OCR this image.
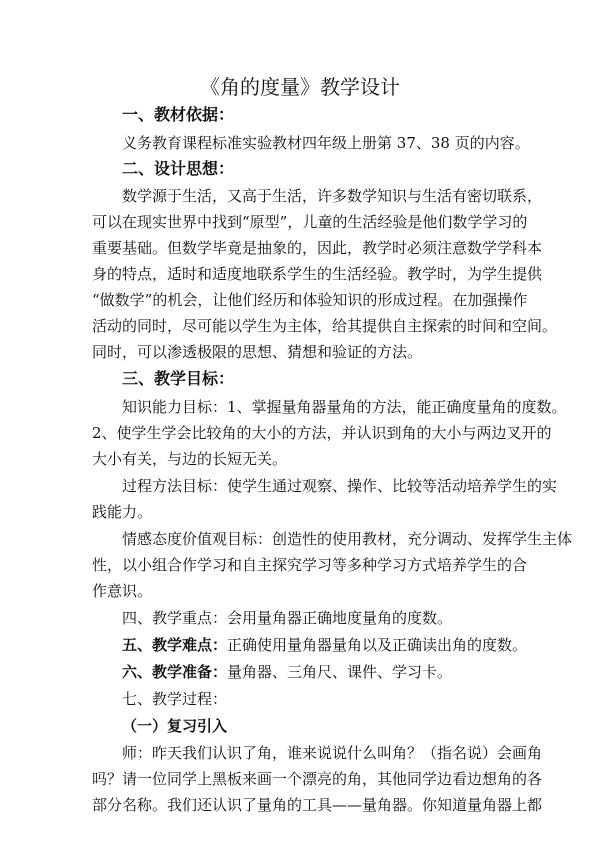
《角的度量》教学设计
一、教材依据：
义务教育课程标准实验教材四年级上册第 37、38 页的内容。
二、设计思想：
数学源于生活，又高于生活，许多数学知识与生活有密切联系，
可以在现实世界中找到“原型”，儿童的生活经验是他们数学学习的
重要基础。但数学毕竟是抽象的，因此，教学时必须注意数学学科本
身的特点，适时和适度地联系学生的生活经验。教学时，为学生提供
“做数学”的机会，让他们经历和体验知识的形成过程。在加强操作
活动的同时，尽可能以学生为主体，给其提供自主探索的时间和空间。
同时，可以渗透极限的思想、猜想和验证的方法。
三、教学目标：
知识能力目标：1、掌握量角器量角的方法，能正确度量角的度数。
2、使学生学会比较角的大小的方法，并认识到角的大小与两边叉开的
大小有关，与边的长短无关。
过程方法目标：使学生通过观察、操作、比较等活动培养学生的实
践能力。
情感态度价值观目标：创造性的使用教材，充分调动、发挥学生主体
性，以小组合作学习和自主探究学习等多种学习方式培养学生的合
作意识。
四、教学重点：会用量角器正确地度量角的度数。
五、教学难点：正确使用量角器量角以及正确读出角的度数。
六、教学准备：量角器、三角尺、课件、学习卡。
七、教学过程：
（一）复习引入
师：昨天我们认识了角，谁来说说什么叫角？（指名说）会画角
吗？请一位同学上黑板来画一个漂亮的角，其他同学边看边想角的各
部分名称。我们还认识了量角的工具——量角器。你知道量角器上都
